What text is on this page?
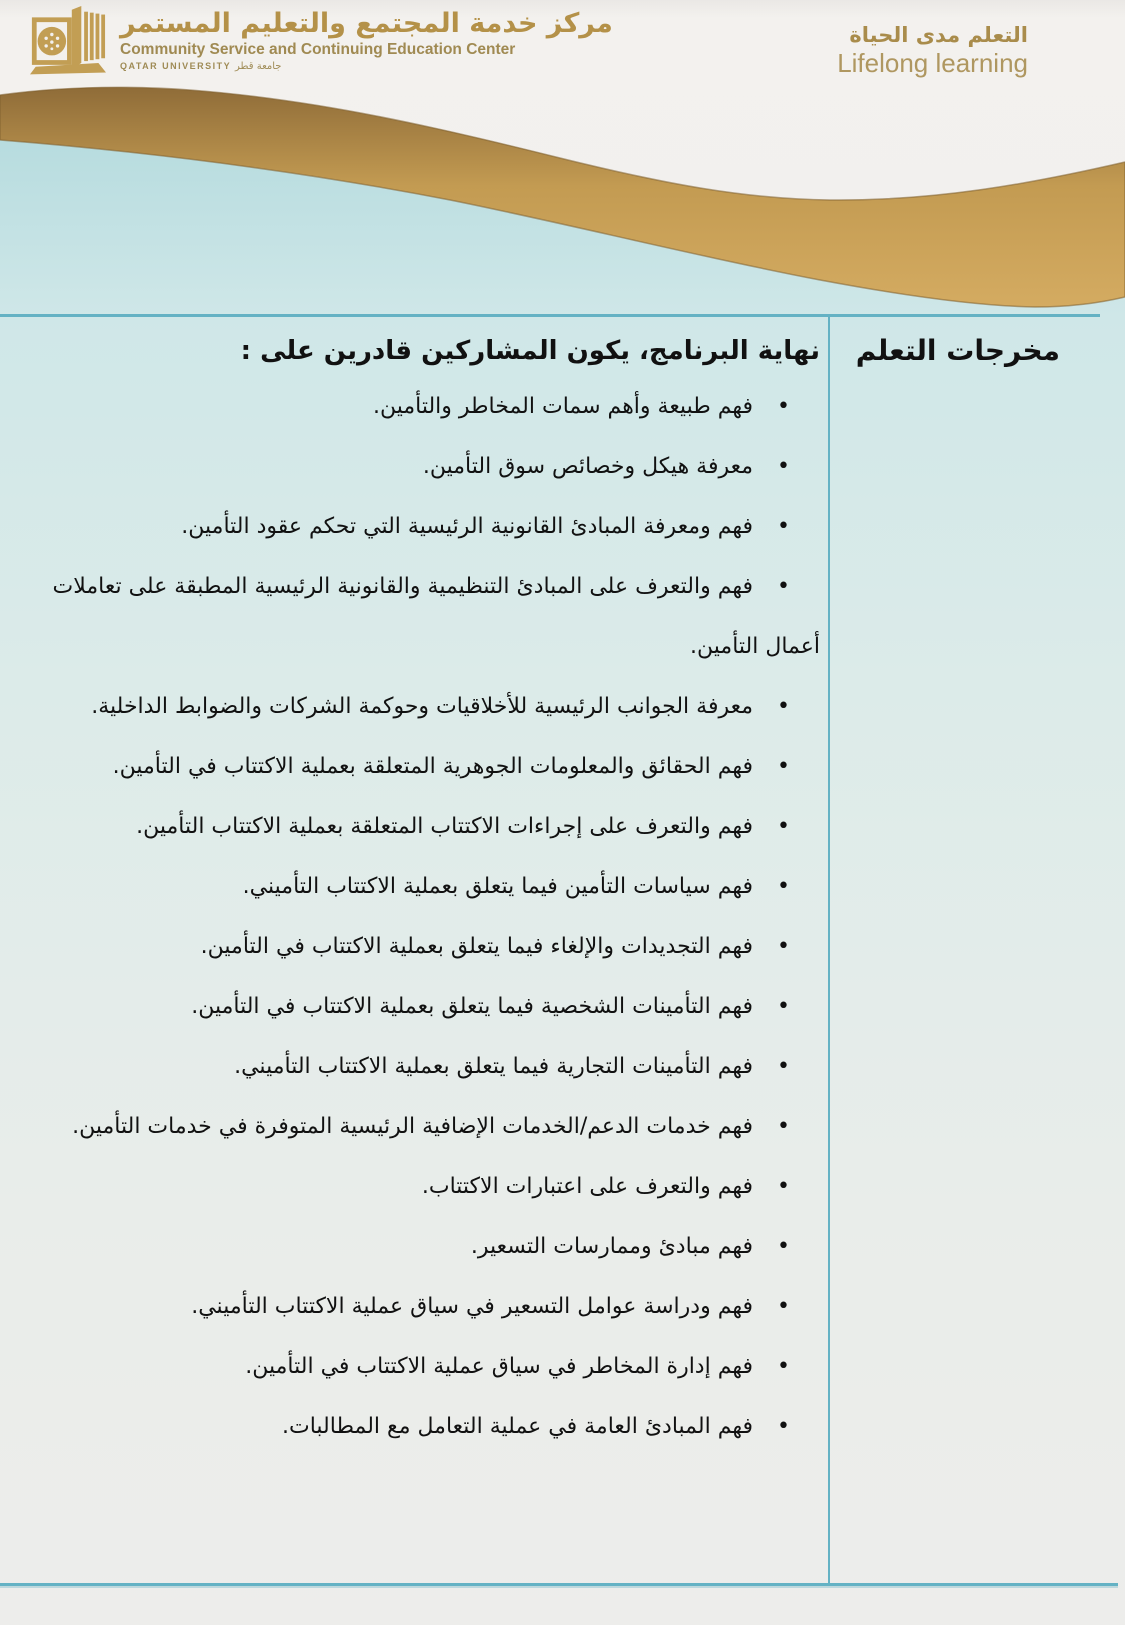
مركز خدمة المجتمع والتعليم المستمر
Community Service and Continuing Education Center
QATAR UNIVERSITY جامعة قطر
التعلم مدى الحياة
Lifelong learning
مخرجات التعلم
نهاية البرنامج، يكون المشاركين قادرين على :
• فهم طبيعة وأهم سمات المخاطر والتأمين.
• معرفة هيكل وخصائص سوق التأمين.
• فهم ومعرفة المبادئ القانونية الرئيسية التي تحكم عقود التأمين.
• فهم والتعرف على المبادئ التنظيمية والقانونية الرئيسية المطبقة على تعاملات أعمال التأمين.
• معرفة الجوانب الرئيسية للأخلاقيات وحوكمة الشركات والضوابط الداخلية.
• فهم الحقائق والمعلومات الجوهرية المتعلقة بعملية الاكتتاب في التأمين.
• فهم والتعرف على إجراءات الاكتتاب المتعلقة بعملية الاكتتاب التأمين.
• فهم سياسات التأمين فيما يتعلق بعملية الاكتتاب التأميني.
• فهم التجديدات والإلغاء فيما يتعلق بعملية الاكتتاب في التأمين.
• فهم التأمينات الشخصية فيما يتعلق بعملية الاكتتاب في التأمين.
• فهم التأمينات التجارية فيما يتعلق بعملية الاكتتاب التأميني.
• فهم خدمات الدعم/الخدمات الإضافية الرئيسية المتوفرة في خدمات التأمين.
• فهم والتعرف على اعتبارات الاكتتاب.
• فهم مبادئ وممارسات التسعير.
• فهم ودراسة عوامل التسعير في سياق عملية الاكتتاب التأميني.
• فهم إدارة المخاطر في سياق عملية الاكتتاب في التأمين.
• فهم المبادئ العامة في عملية التعامل مع المطالبات.
